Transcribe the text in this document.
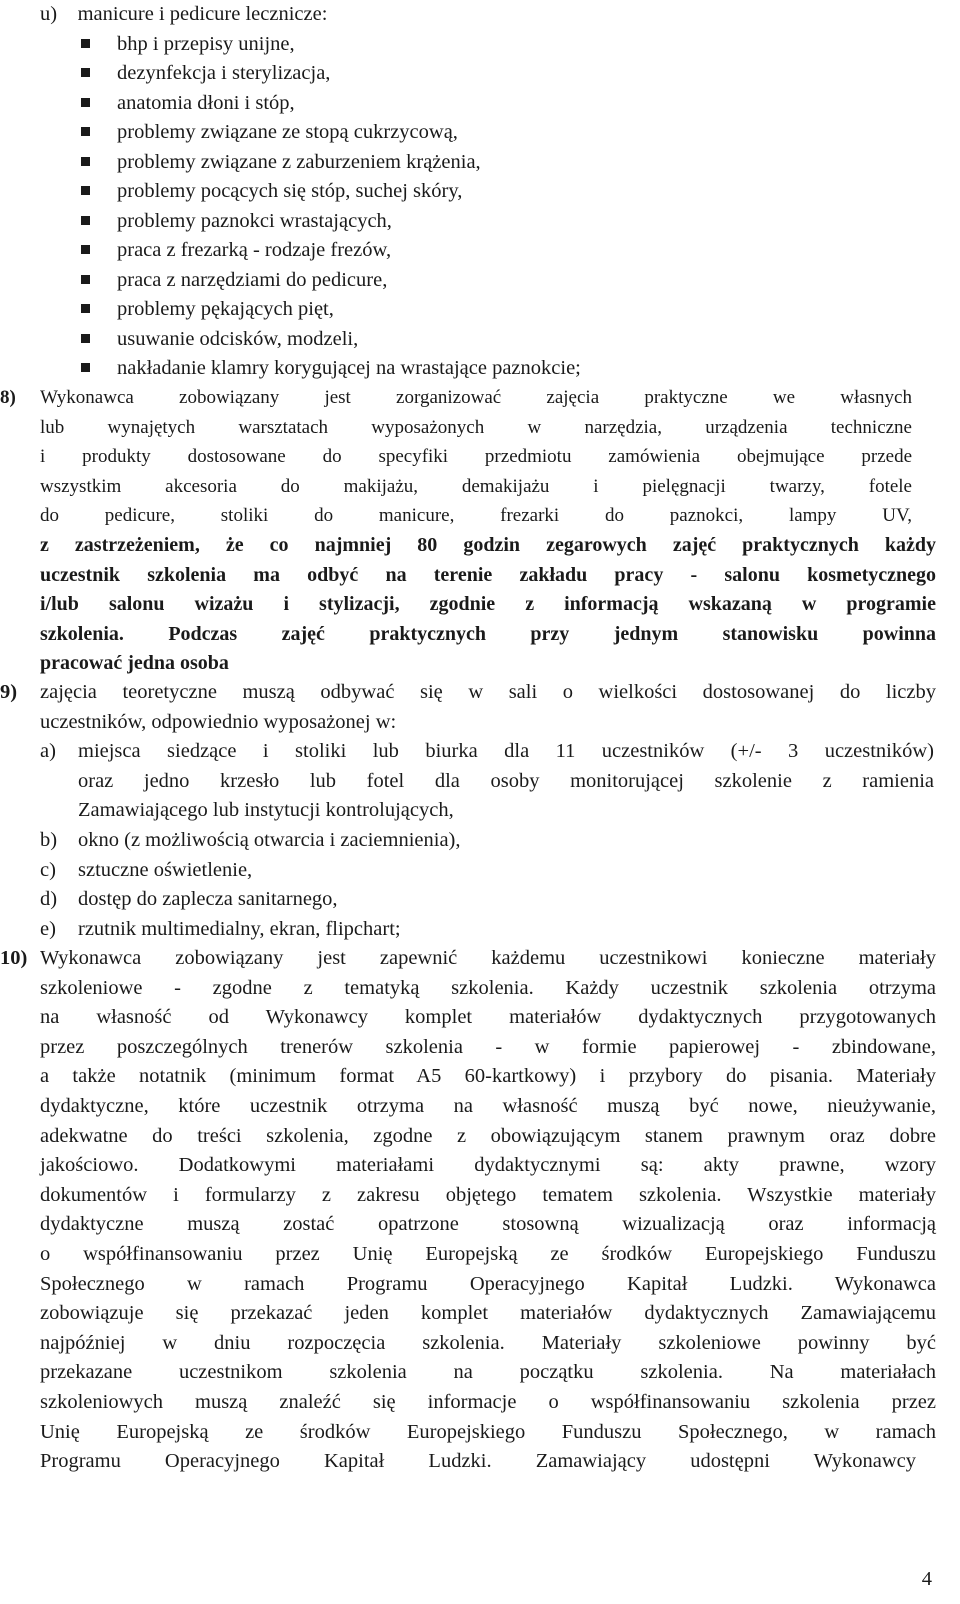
u) manicure i pedicure lecznicze:
bhp i przepisy unijne,
dezynfekcja i sterylizacja,
anatomia dłoni i stóp,
problemy związane ze stopą cukrzycową,
problemy związane z zaburzeniem krążenia,
problemy pocących się stóp, suchej skóry,
problemy paznokci wrastających,
praca z frezarką - rodzaje frezów,
praca z narzędziami do pedicure,
problemy pękających pięt,
usuwanie odcisków, modzeli,
nakładanie klamry korygującej na wrastające paznokcie;
8) Wykonawca zobowiązany jest zorganizować zajęcia praktyczne we własnych
lub wynajętych warsztatach wyposażonych w narzędzia, urządzenia techniczne
i produkty dostosowane do specyfiki przedmiotu zamówienia obejmujące przede
wszystkim akcesoria do makijażu, demakijażu i pielęgnacji twarzy, fotele
do pedicure, stoliki do manicure, frezarki do paznokci, lampy UV,
z zastrzeżeniem, że co najmniej 80 godzin zegarowych zajęć praktycznych każdy
uczestnik szkolenia ma odbyć na terenie zakładu pracy - salonu kosmetycznego
i/lub salonu wizażu i stylizacji, zgodnie z informacją wskazaną w programie
szkolenia. Podczas zajęć praktycznych przy jednym stanowisku powinna
pracować jedna osoba
9) zajęcia teoretyczne muszą odbywać się w sali o wielkości dostosowanej do liczby
uczestników, odpowiednio wyposażonej w:
a) miejsca siedzące i stoliki lub biurka dla 11 uczestników (+/- 3 uczestników)
oraz jedno krzesło lub fotel dla osoby monitorującej szkolenie z ramienia
Zamawiającego lub instytucji kontrolujących,
b) okno (z możliwością otwarcia i zaciemnienia),
c) sztuczne oświetlenie,
d) dostęp do zaplecza sanitarnego,
e) rzutnik multimedialny, ekran, flipchart;
10) Wykonawca zobowiązany jest zapewnić każdemu uczestnikowi konieczne materiały
szkoleniowe - zgodne z tematyką szkolenia. Każdy uczestnik szkolenia otrzyma
na własność od Wykonawcy komplet materiałów dydaktycznych przygotowanych
przez poszczególnych trenerów szkolenia - w formie papierowej - zbindowane,
a także notatnik (minimum format A5 60-kartkowy) i przybory do pisania. Materiały
dydaktyczne, które uczestnik otrzyma na własność muszą być nowe, nieużywanie,
adekwatne do treści szkolenia, zgodne z obowiązującym stanem prawnym oraz dobre
jakościowo. Dodatkowymi materiałami dydaktycznymi są: akty prawne, wzory
dokumentów i formularzy z zakresu objętego tematem szkolenia. Wszystkie materiały
dydaktyczne muszą zostać opatrzone stosowną wizualizacją oraz informacją
o współfinansowaniu przez Unię Europejską ze środków Europejskiego Funduszu
Społecznego w ramach Programu Operacyjnego Kapitał Ludzki. Wykonawca
zobowiązuje się przekazać jeden komplet materiałów dydaktycznych Zamawiającemu
najpóźniej w dniu rozpoczęcia szkolenia. Materiały szkoleniowe powinny być
przekazane uczestnikom szkolenia na początku szkolenia. Na materiałach
szkoleniowych muszą znaleźć się informacje o współfinansowaniu szkolenia przez
Unię Europejską ze środków Europejskiego Funduszu Społecznego, w ramach
Programu Operacyjnego Kapitał Ludzki. Zamawiający udostępni Wykonawcy
4
